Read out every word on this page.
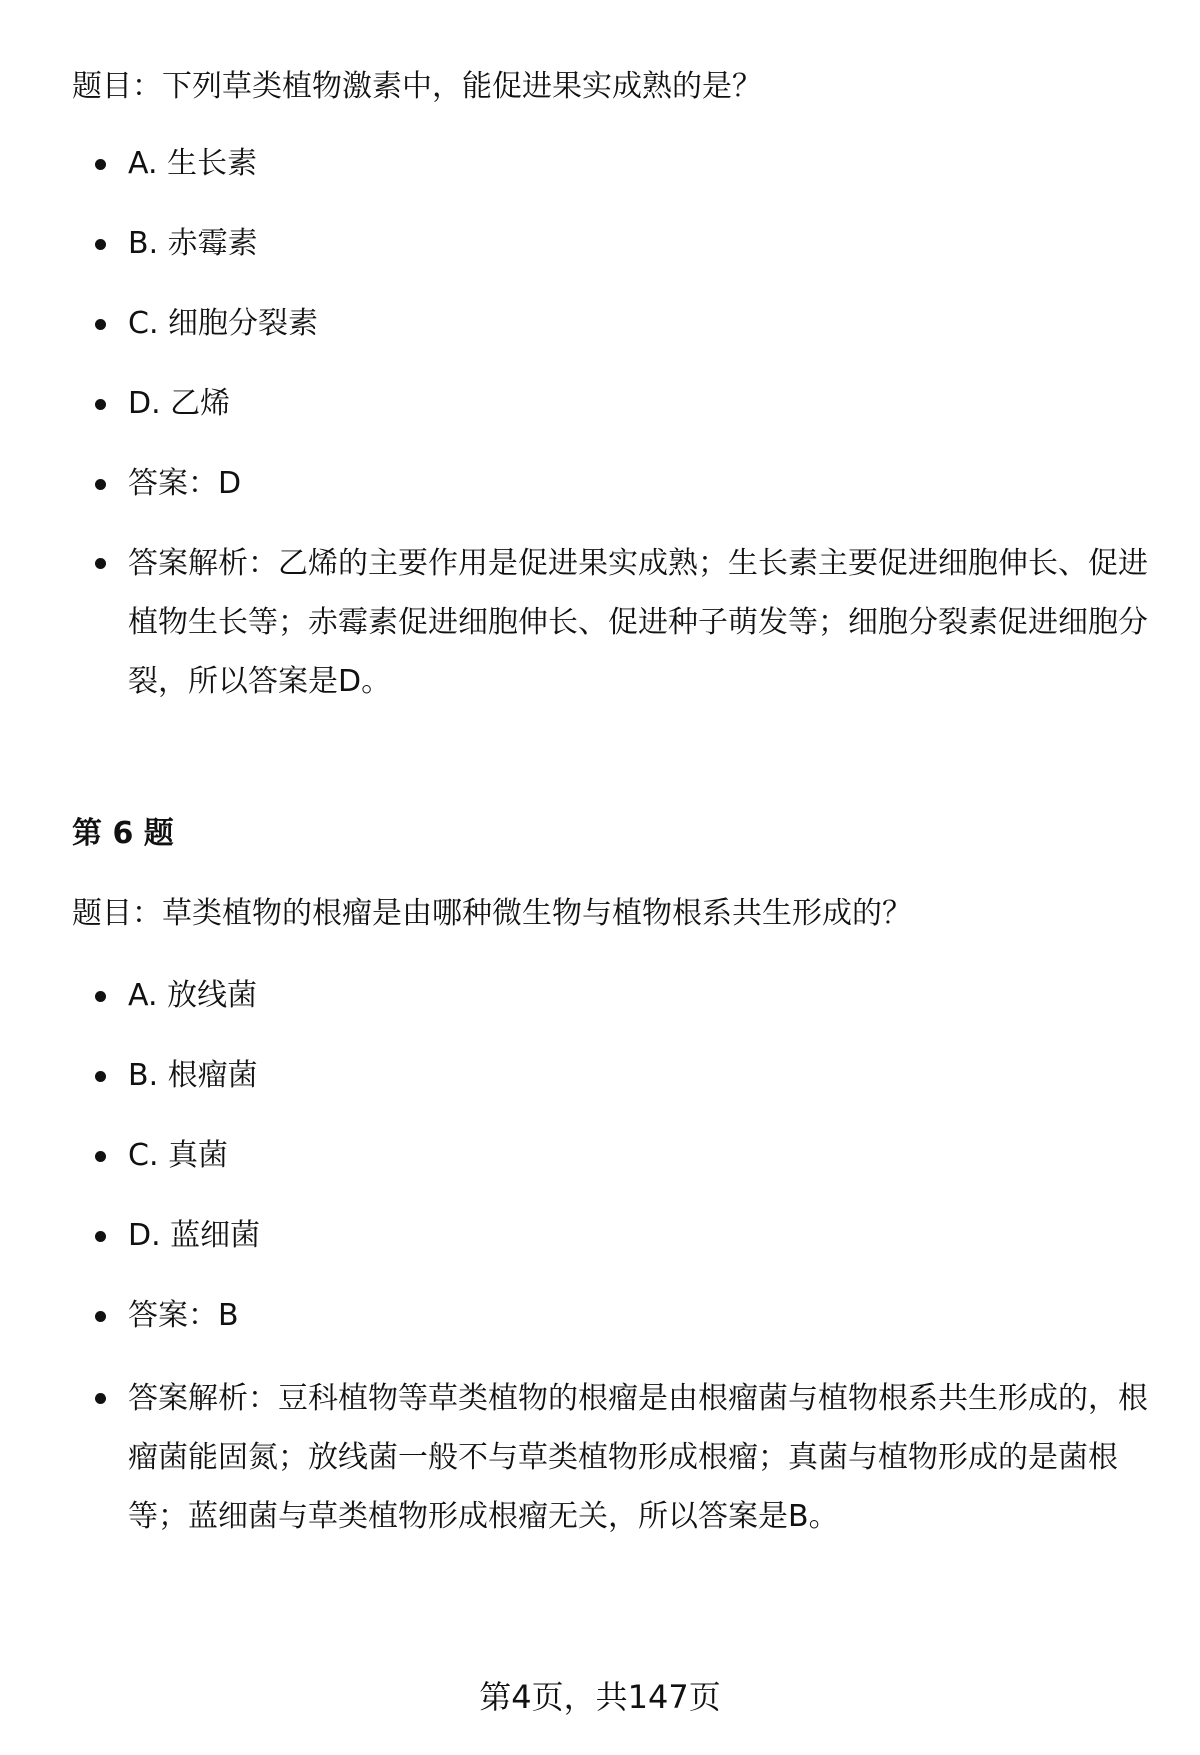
题目：下列草类植物激素中，能促进果实成熟的是？
A. 生长素
B. 赤霉素
C. 细胞分裂素
D. 乙烯
答案：D
答案解析：乙烯的主要作用是促进果实成熟；生长素主要促进细胞伸长、促进植物生长等；赤霉素促进细胞伸长、促进种子萌发等；细胞分裂素促进细胞分裂，所以答案是D。
第 6 题
题目：草类植物的根瘤是由哪种微生物与植物根系共生形成的？
A. 放线菌
B. 根瘤菌
C. 真菌
D. 蓝细菌
答案：B
答案解析：豆科植物等草类植物的根瘤是由根瘤菌与植物根系共生形成的，根瘤菌能固氮；放线菌一般不与草类植物形成根瘤；真菌与植物形成的是菌根等；蓝细菌与草类植物形成根瘤无关，所以答案是B。
第4页，共147页
